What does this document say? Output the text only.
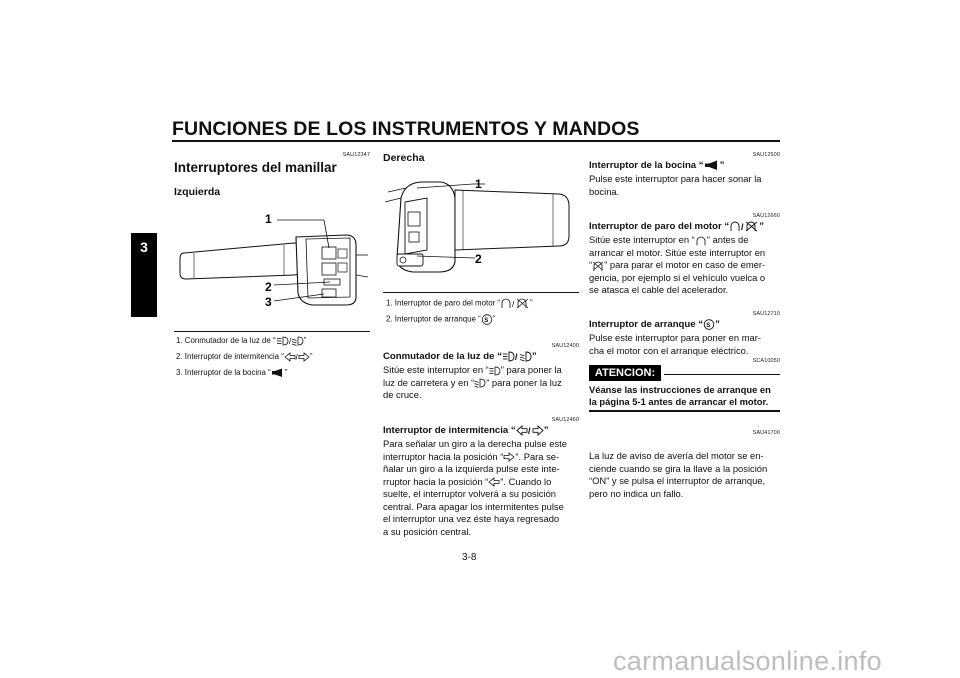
FUNCIONES DE LOS INSTRUMENTOS Y MANDOS
3
SAU12347
Interruptores del manillar
Izquierda
1
2
3
1. Conmutador de la luz de “ / ”
2. Interruptor de intermitencia “ / ”
3. Interruptor de la bocina “ ”
Derecha
1
2
1. Interruptor de paro del motor “ / ”
2. Interruptor de arranque “ S ”
SAU12400
Conmutador de la luz de “ / ”
Sitúe este interruptor en “ ” para poner la
luz de carretera y en “ ” para poner la luz
de cruce.
SAU12460
Interruptor de intermitencia “ / ”
Para señalar un giro a la derecha pulse este
interruptor hacia la posición “ ”. Para se-
ñalar un giro a la izquierda pulse este inte-
rruptor hacia la posición “ ”. Cuando lo
suelte, el interruptor volverá a su posición
central. Para apagar los intermitentes pulse
el interruptor una vez éste haya regresado
a su posición central.
SAU12500
Interruptor de la bocina “ ”
Pulse este interruptor para hacer sonar la
bocina.
SAU12660
Interruptor de paro del motor “ / ”
Sitúe este interruptor en “ ” antes de
arrancar el motor. Sitúe este interruptor en
“ ” para parar el motor en caso de emer-
gencia, por ejemplo si el vehículo vuelca o
se atasca el cable del acelerador.
SAU12710
Interruptor de arranque “ S ”
Pulse este interruptor para poner en mar-
cha el motor con el arranque eléctrico.
SCA10050
ATENCION:
Véanse las instrucciones de arranque en
la página 5-1 antes de arrancar el motor.
SAU41700
La luz de aviso de avería del motor se en-
ciende cuando se gira la llave a la posición
“ON” y se pulsa el interruptor de arranque,
pero no indica un fallo.
3-8
carmanualsonline.info
